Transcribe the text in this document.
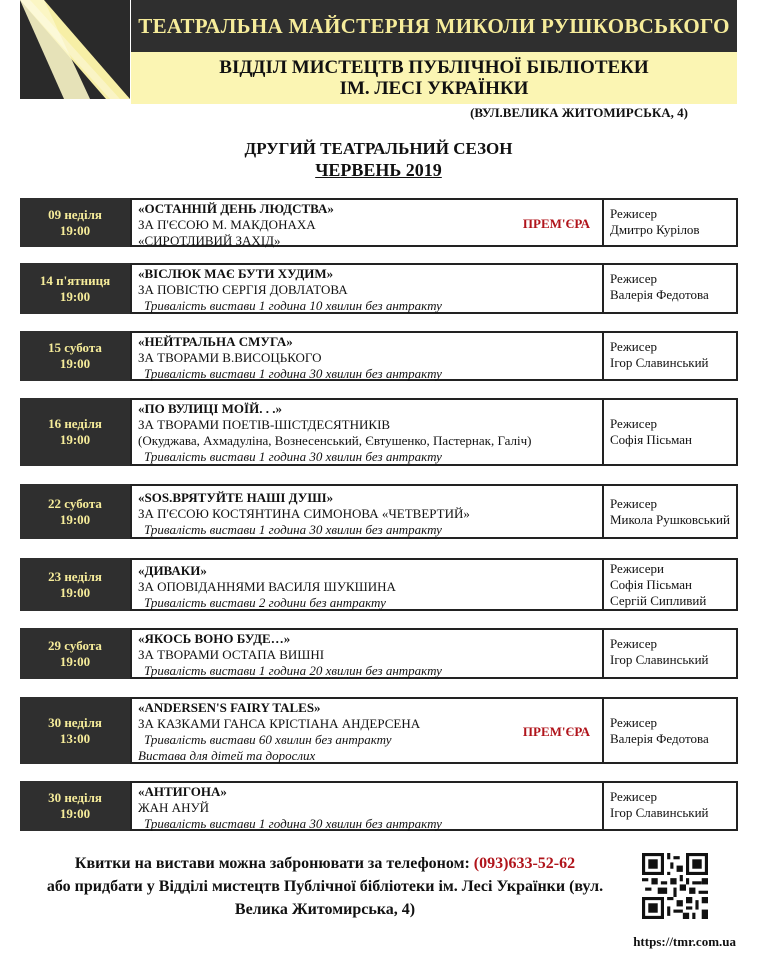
ТЕАТРАЛЬНА МАЙСТЕРНЯ МИКОЛИ РУШКОВСЬКОГО
ВІДДІЛ МИСТЕЦТВ ПУБЛІЧНОЇ БІБЛІОТЕКИ
ІМ. ЛЕСІ УКРАЇНКИ
(ВУЛ.ВЕЛИКА ЖИТОМИРСЬКА, 4)
ДРУГИЙ ТЕАТРАЛЬНИЙ СЕЗОН
ЧЕРВЕНЬ 2019
09 неділя
19:00
«ОСТАННІЙ ДЕНЬ ЛЮДСТВА»
ЗА П'ЄСОЮ М. МАКДОНАХА
«СИРОТЛИВИЙ ЗАХІД»
ПРЕМ'ЄРА
Режисер
Дмитро Курілов
14 п'ятниця
19:00
«ВІСЛЮК МАЄ БУТИ ХУДИМ»
ЗА ПОВІСТЮ СЕРГІЯ ДОВЛАТОВА
Тривалість вистави 1 година 10 хвилин без антракту
Режисер
Валерія Федотова
15 субота
19:00
«НЕЙТРАЛЬНА СМУГА»
ЗА ТВОРАМИ В.ВИСОЦЬКОГО
Тривалість вистави 1 година 30 хвилин без антракту
Режисер
Ігор Славинський
16 неділя
19:00
«ПО ВУЛИЦІ МОЇЙ. . .»
ЗА ТВОРАМИ ПОЕТІВ-ШІСТДЕСЯТНИКІВ
(Окуджава, Ахмадуліна, Вознесенський, Євтушенко, Пастернак, Галіч)
Тривалість вистави 1 година 30 хвилин без антракту
Режисер
Софія Пісьман
22 субота
19:00
«SOS.ВРЯТУЙТЕ НАШІ ДУШІ»
ЗА П'ЄСОЮ КОСТЯНТИНА СИМОНОВА «ЧЕТВЕРТИЙ»
Тривалість вистави 1 година 30 хвилин без антракту
Режисер
Микола Рушковський
23 неділя
19:00
«ДИВАКИ»
ЗА ОПОВІДАННЯМИ ВАСИЛЯ ШУКШИНА
Тривалість вистави 2 години без антракту
Режисери
Софія Пісьман
Сергій Сипливий
29 субота
19:00
«ЯКОСЬ ВОНО БУДЕ…»
ЗА ТВОРАМИ ОСТАПА ВИШНІ
Тривалість вистави 1 година 20 хвилин без антракту
Режисер
Ігор Славинський
30 неділя
13:00
«ANDERSEN'S FAIRY TALES»
ЗА КАЗКАМИ ГАНСА КРІСТІАНА АНДЕРСЕНА
Тривалість вистави 60 хвилин без антракту
Вистава для дітей та дорослих
ПРЕМ'ЄРА
Режисер
Валерія Федотова
30 неділя
19:00
«АНТИГОНА»
ЖАН АНУЙ
Тривалість вистави 1 година 30 хвилин без антракту
Режисер
Ігор Славинський
Квитки на вистави можна забронювати за телефоном: (093)633-52-62
або придбати у Відділі мистецтв Публічної бібліотеки ім. Лесі Українки (вул. Велика Житомирська, 4)
https://tmr.com.ua
